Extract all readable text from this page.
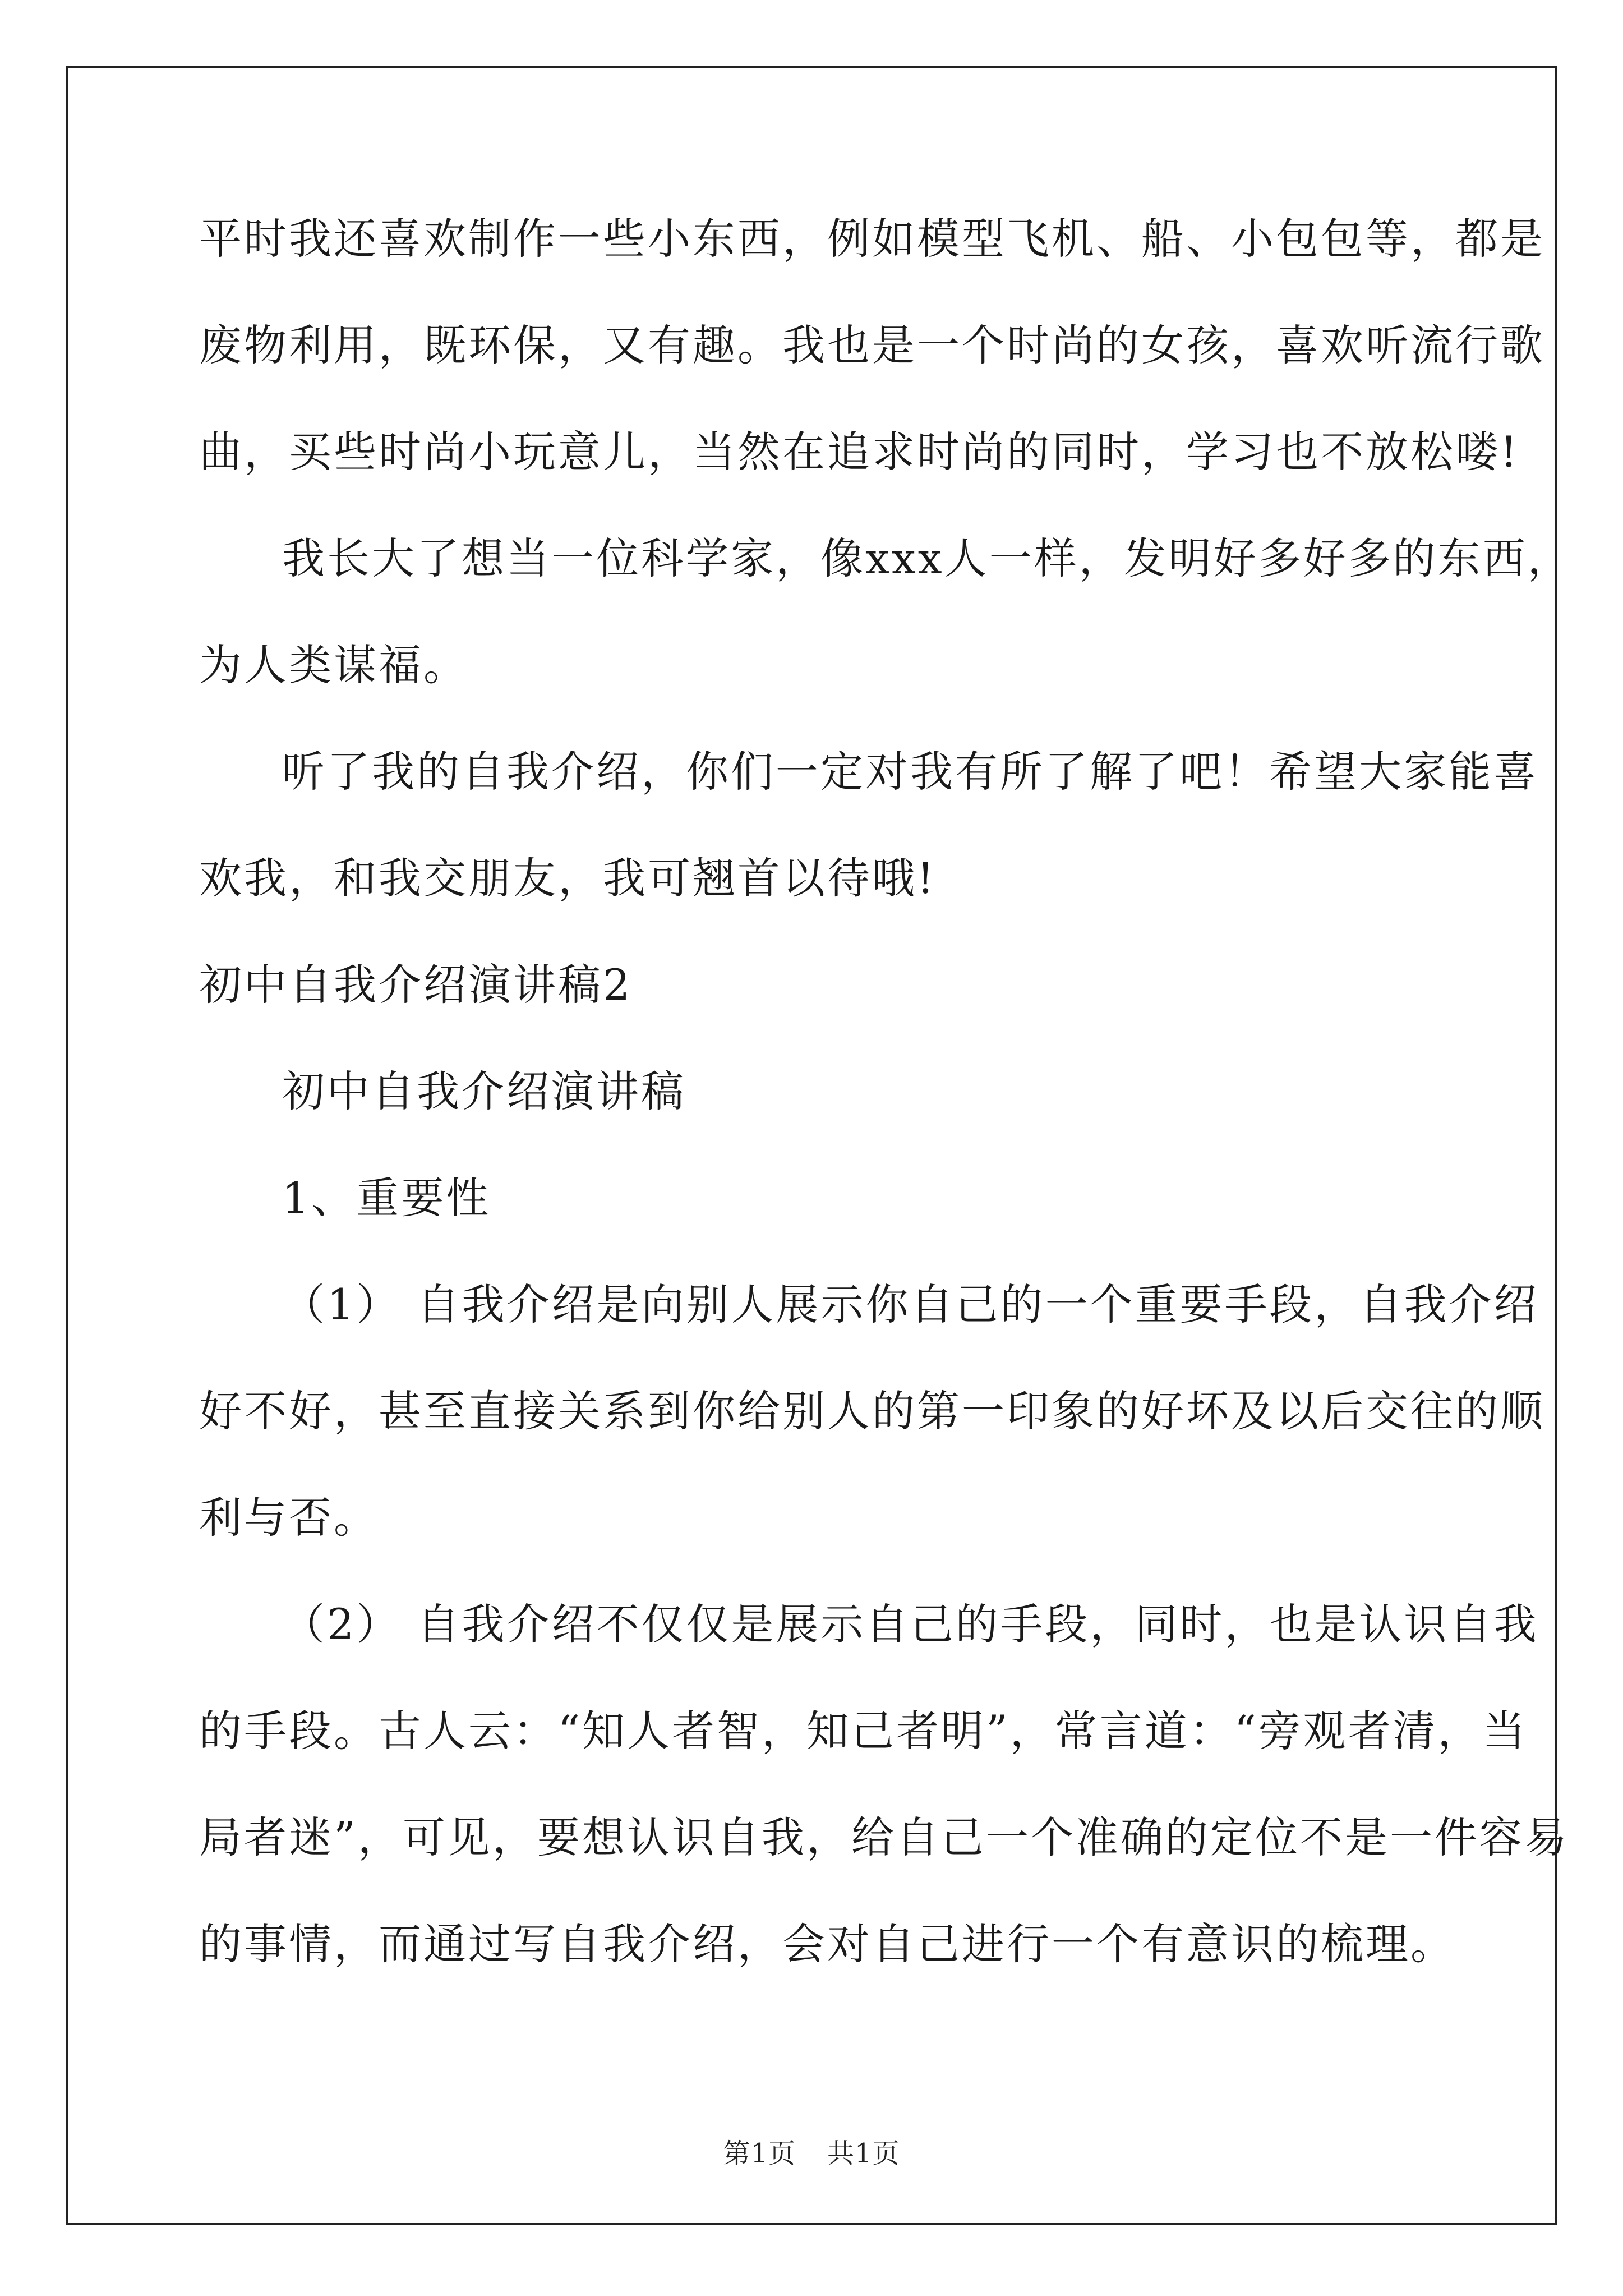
平时我还喜欢制作一些小东西，例如模型飞机、船、小包包等，都是
废物利用，既环保，又有趣。我也是一个时尚的女孩，喜欢听流行歌
曲，买些时尚小玩意儿，当然在追求时尚的同时，学习也不放松喽!
我长大了想当一位科学家，像xxx人一样，发明好多好多的东西，
为人类谋福。
听了我的自我介绍，你们一定对我有所了解了吧！希望大家能喜
欢我，和我交朋友，我可翘首以待哦!
初中自我介绍演讲稿2
初中自我介绍演讲稿
1、重要性
（1） 自我介绍是向别人展示你自己的一个重要手段，自我介绍
好不好，甚至直接关系到你给别人的第一印象的好坏及以后交往的顺
利与否。
（2） 自我介绍不仅仅是展示自己的手段，同时，也是认识自我
的手段。古人云：“知人者智，知己者明”，常言道：“旁观者清，当
局者迷”，可见，要想认识自我，给自己一个准确的定位不是一件容易
的事情，而通过写自我介绍，会对自己进行一个有意识的梳理。
第1页 共1页
